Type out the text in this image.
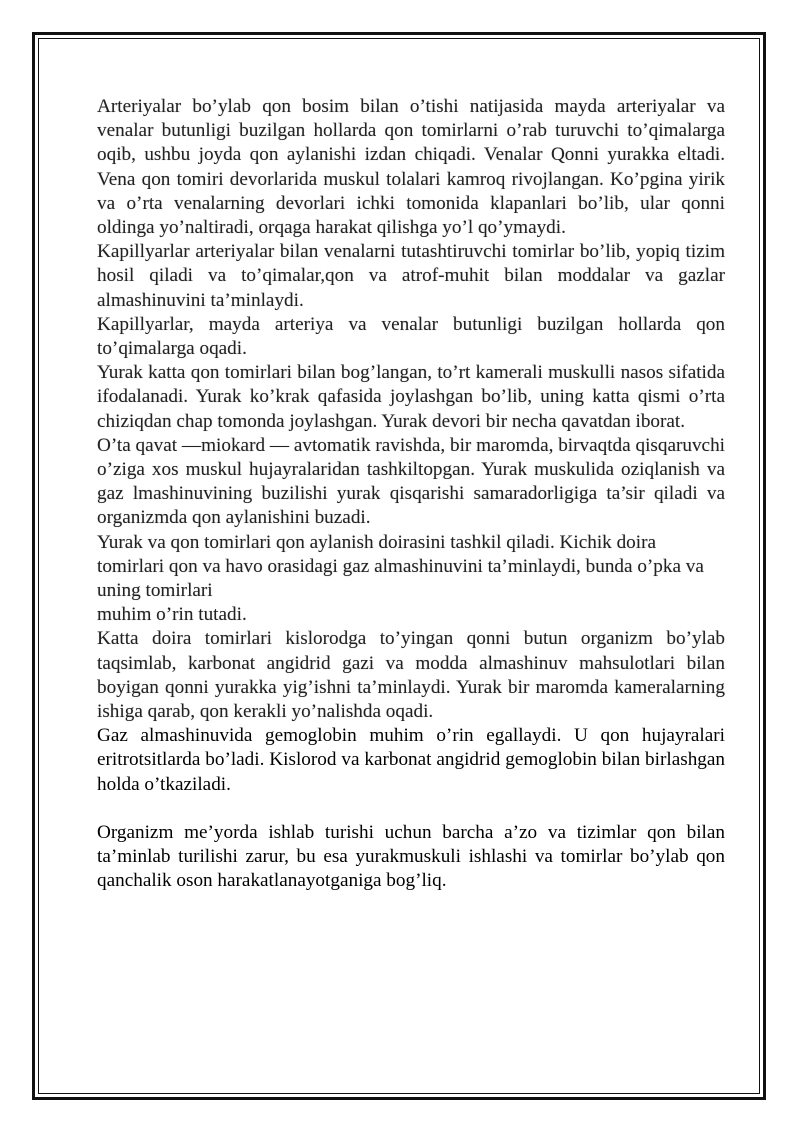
Arteriyalar bo’ylab qon bosim bilan o’tishi natijasida mayda arteriyalar va venalar butunligi buzilgan hollarda qon tomirlarni o’rab turuvchi to’qimalarga oqib, ushbu joyda qon aylanishi izdan chiqadi. Venalar Qonni yurakka eltadi. Vena qon tomiri devorlarida muskul tolalari kamroq rivojlangan. Ko’pgina yirik va o’rta venalarning devorlari ichki tomonida klapanlari bo’lib, ular qonni oldinga yo’naltiradi, orqaga harakat qilishga yo’l qo’ymaydi.

Kapillyarlar arteriyalar bilan venalarni tutashtiruvchi tomirlar bo’lib, yopiq tizim hosil qiladi va to’qimalar,qon va atrof-muhit bilan moddalar va gazlar almashinuvini ta’minlaydi.

Kapillyarlar, mayda arteriya va venalar butunligi buzilgan hollarda qon to’qimalarga oqadi.

Yurak katta qon tomirlari bilan bog’langan, to’rt kamerali muskulli nasos sifatida ifodalanadi. Yurak ko’krak qafasida joylashgan bo’lib, uning katta qismi o’rta chiziqdan chap tomonda joylashgan. Yurak devori bir necha qavatdan iborat.

O’ta qavat —miokard — avtomatik ravishda, bir maromda, birvaqtda qisqaruvchi o’ziga xos muskul hujayralaridan tashkiltopgan. Yurak muskulida oziqlanish va gaz lmashinuvining buzilishi yurak qisqarishi samaradorligiga ta’sir qiladi va organizmda qon aylanishini buzadi.

Yurak va qon tomirlari qon aylanish doirasini tashkil qiladi. Kichik doira tomirlari qon va havo orasidagi gaz almashinuvini ta’minlaydi, bunda o’pka va uning tomirlari

muhim o’rin tutadi.

Katta doira tomirlari kislorodga to’yingan qonni butun organizm bo’ylab taqsimlab, karbonat angidrid gazi va modda almashinuv mahsulotlari bilan boyigan qonni yurakka yig’ishni ta’minlaydi. Yurak bir maromda kameralarning ishiga qarab, qon kerakli yo’nalishda oqadi.

Gaz almashinuvida gemoglobin muhim o’rin egallaydi. U qon hujayralari eritrotsitlarda bo’ladi. Kislorod va karbonat angidrid gemoglobin bilan birlashgan holda o’tkaziladi.

Organizm me’yorda ishlab turishi uchun barcha a’zo va tizimlar qon bilan ta’minlab turilishi zarur, bu esa yurakmuskuli ishlashi va tomirlar bo’ylab qon qanchalik oson harakatlanayotganiga bog’liq.
